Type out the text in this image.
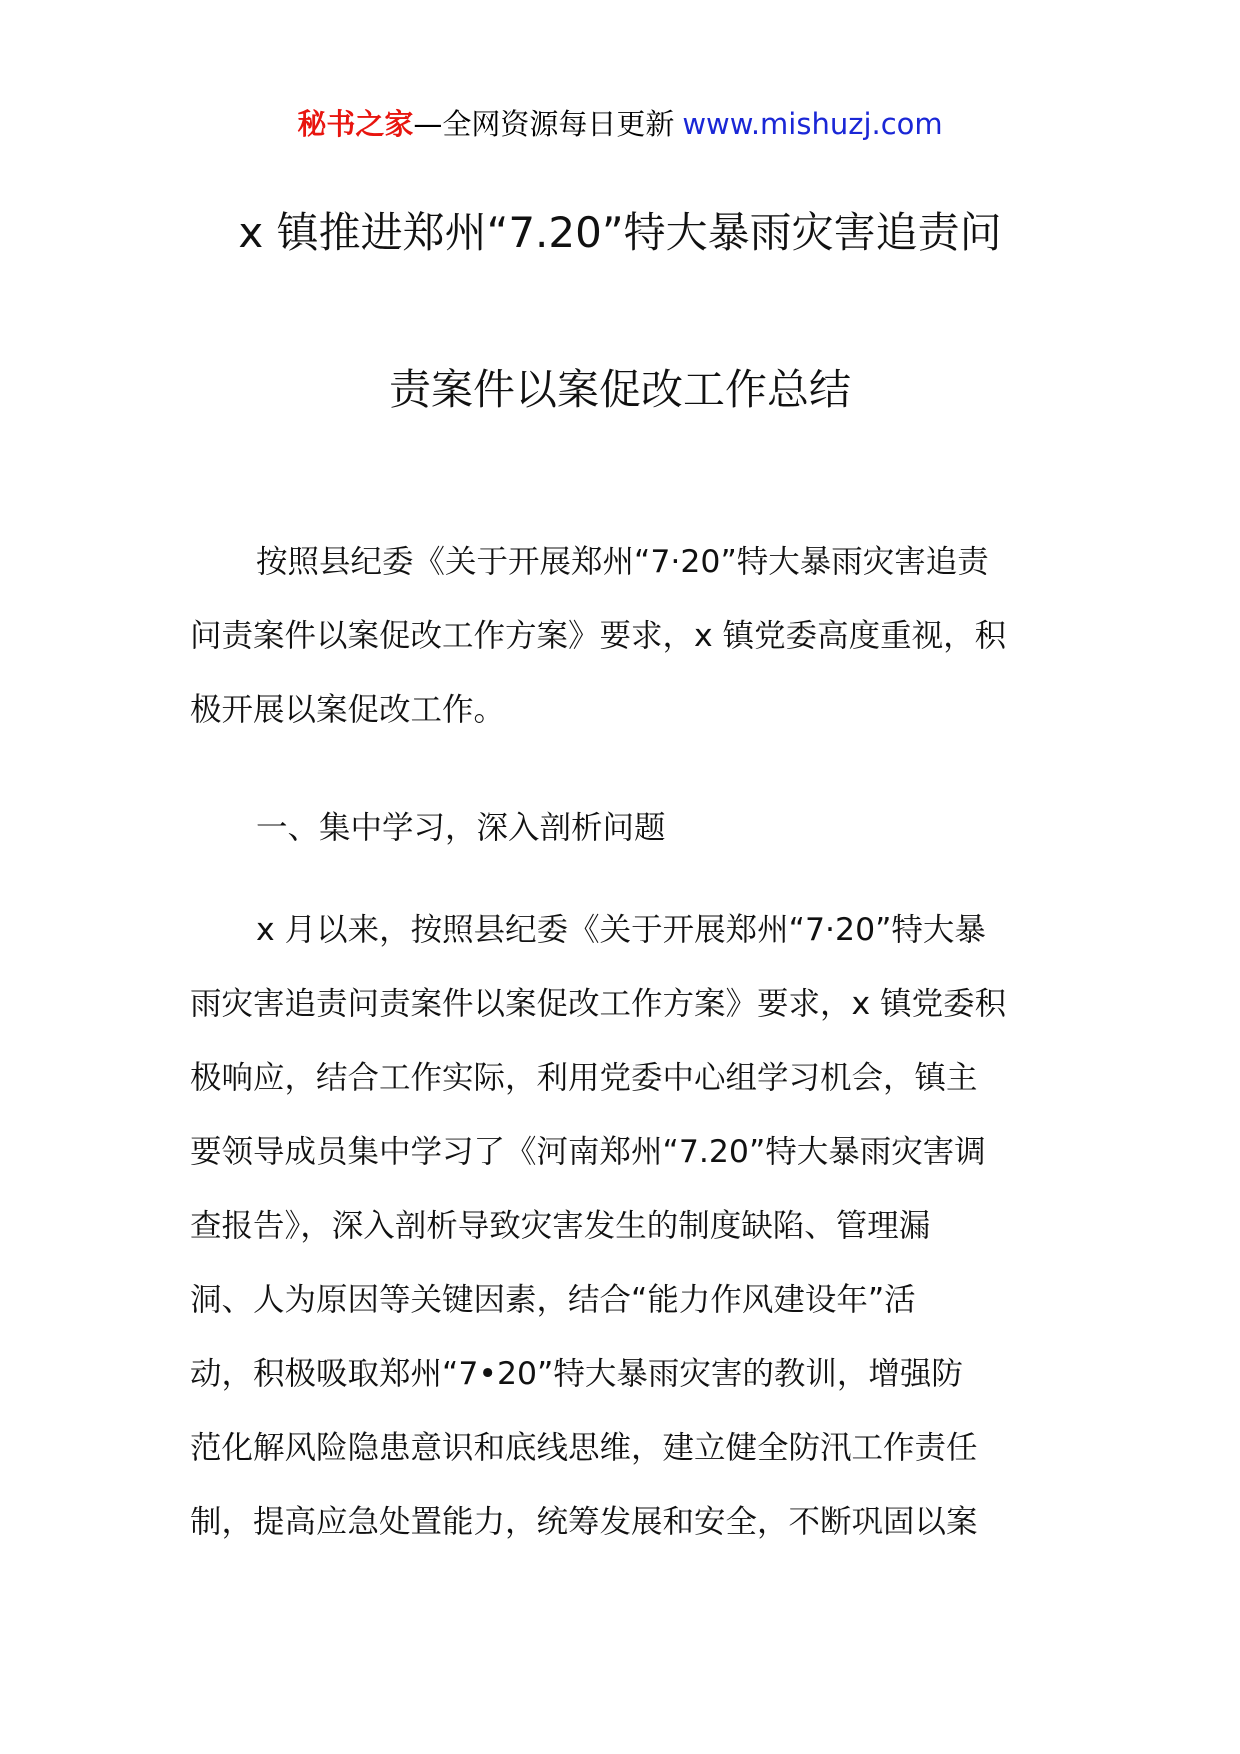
秘书之家—全网资源每日更新 www.mishuzj.com
x 镇推进郑州“7.20”特大暴雨灾害追责问
责案件以案促改工作总结

按照县纪委《关于开展郑州“7·20”特大暴雨灾害追责
问责案件以案促改工作方案》要求，x 镇党委高度重视，积
极开展以案促改工作。

一、集中学习，深入剖析问题

x 月以来，按照县纪委《关于开展郑州“7·20”特大暴
雨灾害追责问责案件以案促改工作方案》要求，x 镇党委积
极响应，结合工作实际，利用党委中心组学习机会，镇主
要领导成员集中学习了《河南郑州“7.20”特大暴雨灾害调
查报告》，深入剖析导致灾害发生的制度缺陷、管理漏
洞、人为原因等关键因素，结合“能力作风建设年”活
动，积极吸取郑州“7•20”特大暴雨灾害的教训，增强防
范化解风险隐患意识和底线思维，建立健全防汛工作责任
制，提高应急处置能力，统筹发展和安全，不断巩固以案
